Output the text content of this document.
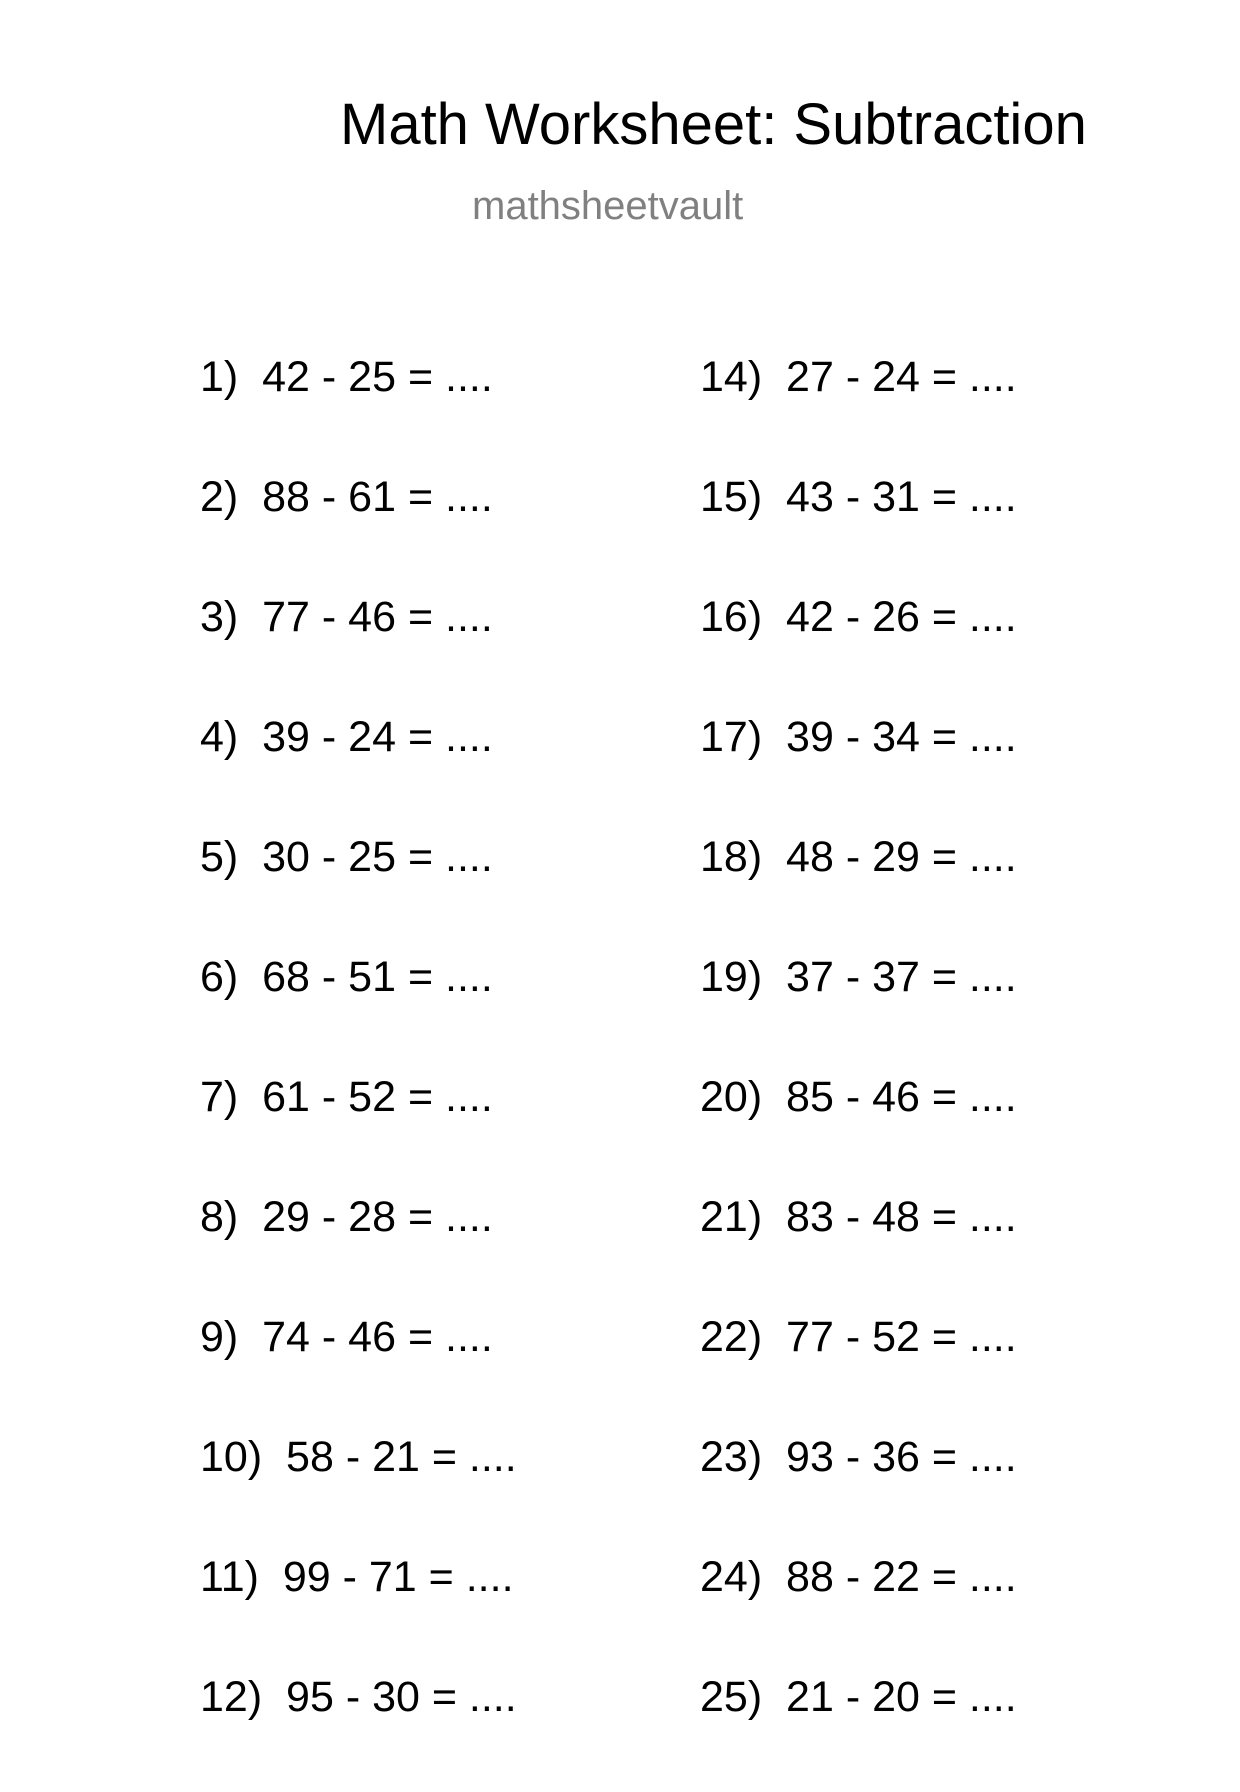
Math Worksheet: Subtraction
mathsheetvault
1)  42 - 25 = ....
2)  88 - 61 = ....
3)  77 - 46 = ....
4)  39 - 24 = ....
5)  30 - 25 = ....
6)  68 - 51 = ....
7)  61 - 52 = ....
8)  29 - 28 = ....
9)  74 - 46 = ....
10)  58 - 21 = ....
11)  99 - 71 = ....
12)  95 - 30 = ....
14)  27 - 24 = ....
15)  43 - 31 = ....
16)  42 - 26 = ....
17)  39 - 34 = ....
18)  48 - 29 = ....
19)  37 - 37 = ....
20)  85 - 46 = ....
21)  83 - 48 = ....
22)  77 - 52 = ....
23)  93 - 36 = ....
24)  88 - 22 = ....
25)  21 - 20 = ....
